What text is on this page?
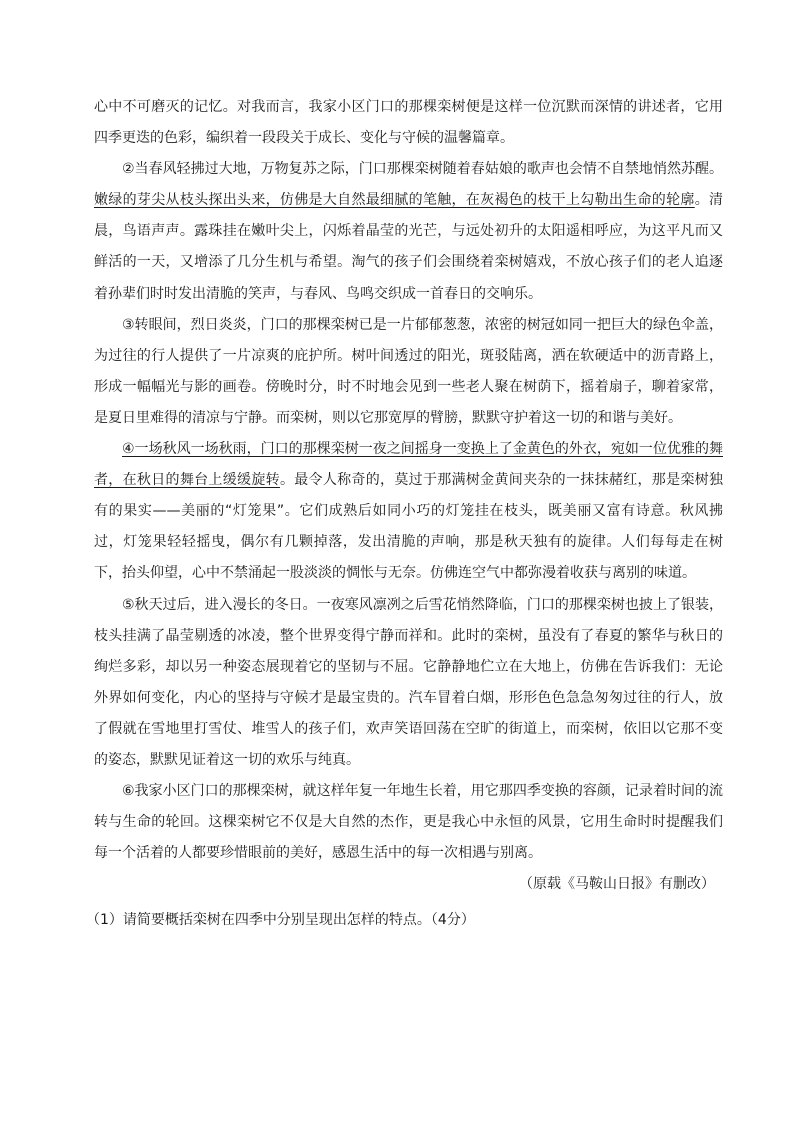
心中不可磨灭的记忆。对我而言，我家小区门口的那棵栾树便是这样一位沉默而深情的讲述者，它用四季更迭的色彩，编织着一段段关于成长、变化与守候的温馨篇章。

②当春风轻拂过大地，万物复苏之际，门口那棵栾树随着春姑娘的歌声也会情不自禁地悄然苏醒。嫩绿的芽尖从枝头探出头来，仿佛是大自然最细腻的笔触，在灰褐色的枝干上勾勒出生命的轮廓。清晨，鸟语声声。露珠挂在嫩叶尖上，闪烁着晶莹的光芒，与远处初升的太阳遥相呼应，为这平凡而又鲜活的一天，又增添了几分生机与希望。淘气的孩子们会围绕着栾树嬉戏，不放心孩子们的老人追逐着孙辈们时时发出清脆的笑声，与春风、鸟鸣交织成一首春日的交响乐。

③转眼间，烈日炎炎，门口的那棵栾树已是一片郁郁葱葱，浓密的树冠如同一把巨大的绿色伞盖，为过往的行人提供了一片凉爽的庇护所。树叶间透过的阳光，斑驳陆离，洒在软硬适中的沥青路上，形成一幅幅光与影的画卷。傍晚时分，时不时地会见到一些老人聚在树荫下，摇着扇子，聊着家常，是夏日里难得的清凉与宁静。而栾树，则以它那宽厚的臂膀，默默守护着这一切的和谐与美好。

④一场秋风一场秋雨，门口的那棵栾树一夜之间摇身一变换上了金黄色的外衣，宛如一位优雅的舞者，在秋日的舞台上缓缓旋转。最令人称奇的，莫过于那满树金黄间夹杂的一抹抹赭红，那是栾树独有的果实——美丽的“灯笼果”。它们成熟后如同小巧的灯笼挂在枝头，既美丽又富有诗意。秋风拂过，灯笼果轻轻摇曳，偶尔有几颗掉落，发出清脆的声响，那是秋天独有的旋律。人们每每走在树下，抬头仰望，心中不禁涌起一股淡淡的惆怅与无奈。仿佛连空气中都弥漫着收获与离别的味道。

⑤秋天过后，进入漫长的冬日。一夜寒风凛冽之后雪花悄然降临，门口的那棵栾树也披上了银装，枝头挂满了晶莹剔透的冰凌，整个世界变得宁静而祥和。此时的栾树，虽没有了春夏的繁华与秋日的绚烂多彩，却以另一种姿态展现着它的坚韧与不屈。它静静地伫立在大地上，仿佛在告诉我们：无论外界如何变化，内心的坚持与守候才是最宝贵的。汽车冒着白烟，形形色色急急匆匆过往的行人，放了假就在雪地里打雪仗、堆雪人的孩子们，欢声笑语回荡在空旷的街道上，而栾树，依旧以它那不变的姿态，默默见证着这一切的欢乐与纯真。

⑥我家小区门口的那棵栾树，就这样年复一年地生长着，用它那四季变换的容颜，记录着时间的流转与生命的轮回。这棵栾树它不仅是大自然的杰作，更是我心中永恒的风景，它用生命时时提醒我们每一个活着的人都要珍惜眼前的美好，感恩生活中的每一次相遇与别离。

（原载《马鞍山日报》有删改）

（1）请简要概括栾树在四季中分别呈现出怎样的特点。（4分）
